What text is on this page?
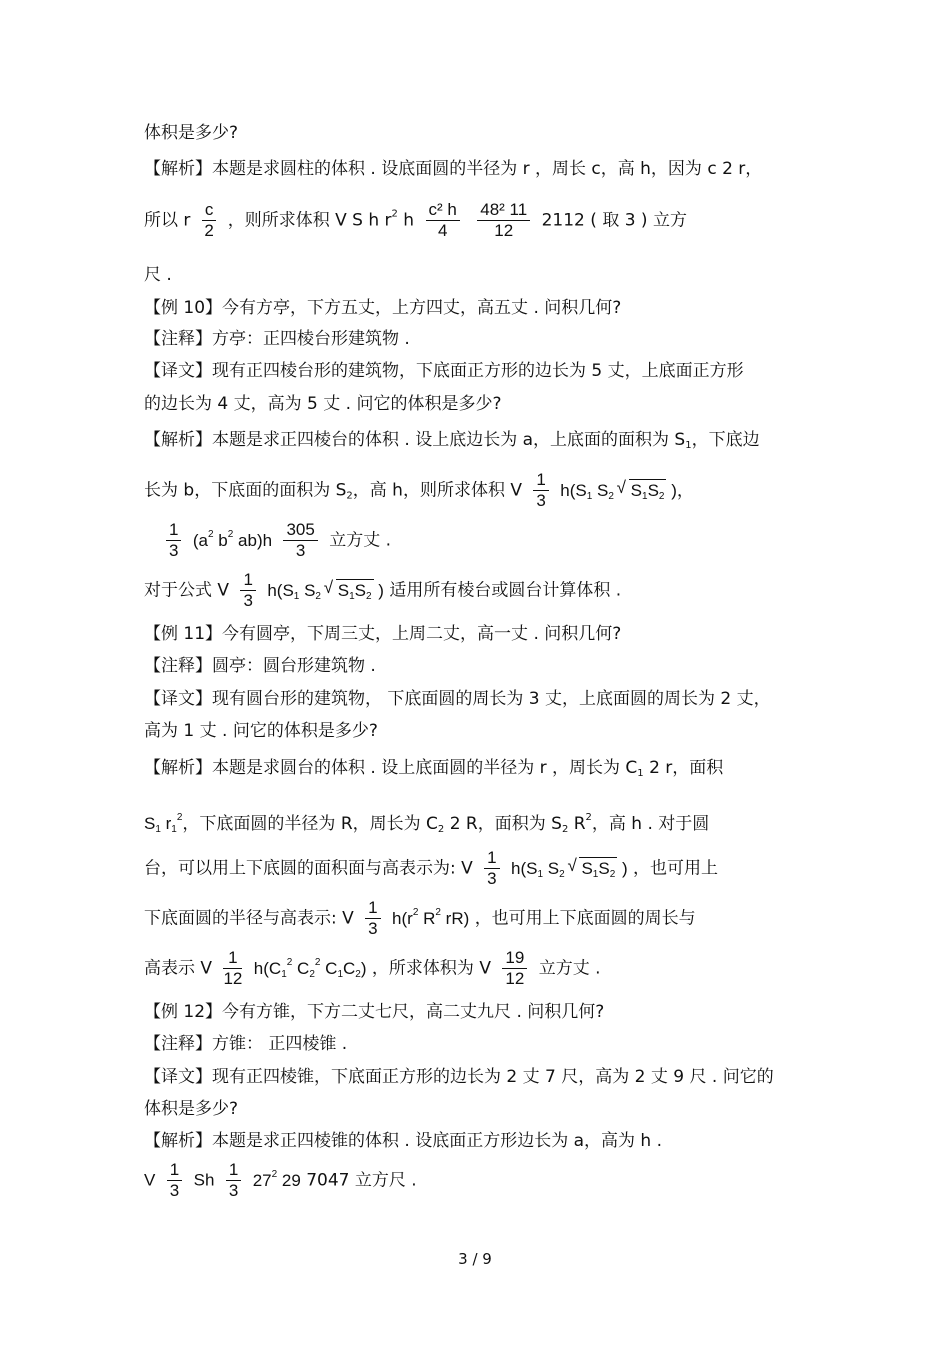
体积是多少?
【解析】本题是求圆柱的体积 . 设底面圆的半径为 r ，周长 c，高 h，因为 c 2 r，
所以 r $\frac{c}{2}$ ，则所求体积 V S h $r^2$ h $\frac{\text{c² h}}{4}$
$\frac{\text{48² 11}}{12} 2112$ ( 取 3 ) 立方
尺 .
【例 10】今有方亭，下方五丈，上方四丈，高五丈 . 问积几何?
【注释】方亭：正四棱台形建筑物 .
【译文】现有正四棱台形的建筑物，下底面正方形的边长为 5 丈，上底面正方形
的边长为 4 丈，高为 5 丈 . 问它的体积是多少?
【解析】本题是求正四棱台的体积 . 设上底边长为 a，上底面的面积为 $S_1$，下底边
长为 b，下底面的面积为 $S_2$，高 h，则所求体积 V $\frac{1}{3} h(S_1$ $S_2$ √ $S_1S_2$ )，
$\frac{1}{3} (a^2$ $b^2$ $ab)h \frac{305}{3}$ 立方丈 .
对于公式 V $\frac{1}{3} h(S_1$ $S_2$ √ $S_1S_2$ ) 适用所有棱台或圆台计算体积 .
【例 11】今有圆亭，下周三丈，上周二丈，高一丈 . 问积几何?
【注释】圆亭：圆台形建筑物 .
【译文】现有圆台形的建筑物， 下底面圆的周长为 3 丈，上底面圆的周长为 2 丈，
高为 1 丈 . 问它的体积是多少?
【解析】本题是求圆台的体积 . 设上底面圆的半径为 r ，周长为 $C_1$ 2 r，面积
$S_1$ $r_1^2$，下底面圆的半径为 R，周长为 $C_2$ 2 R，面积为 $S_2$ $R^2$，高 h . 对于圆
台，可以用上下底圆的面积面与高表示为: V $\frac{1}{3} h(S_1$ $S_2$ √ $S_1S_2$ ) ，也可用上
下底面圆的半径与高表示: V $\frac{1}{3} h(r^2$ $R^2$ rR) ，也可用上下底面圆的周长与
高表示 V $\frac{1}{12} h(C_1^2$ $C_2^2$ $C_1C_2$) ，所求体积为 V $\frac{19}{12}$ 立方丈 .
【例 12】今有方锥，下方二丈七尺，高二丈九尺 . 问积几何?
【注释】方锥： 正四棱锥 .
【译文】现有正四棱锥，下底面正方形的边长为 2 丈 7 尺，高为 2 丈 9 尺 . 问它的
体积是多少?
【解析】本题是求正四棱锥的体积 . 设底面正方形边长为 a，高为 h .
V $\frac{1}{3}$ Sh $\frac{1}{3} 27^2$ 29 7047 立方尺 .
3 / 9
